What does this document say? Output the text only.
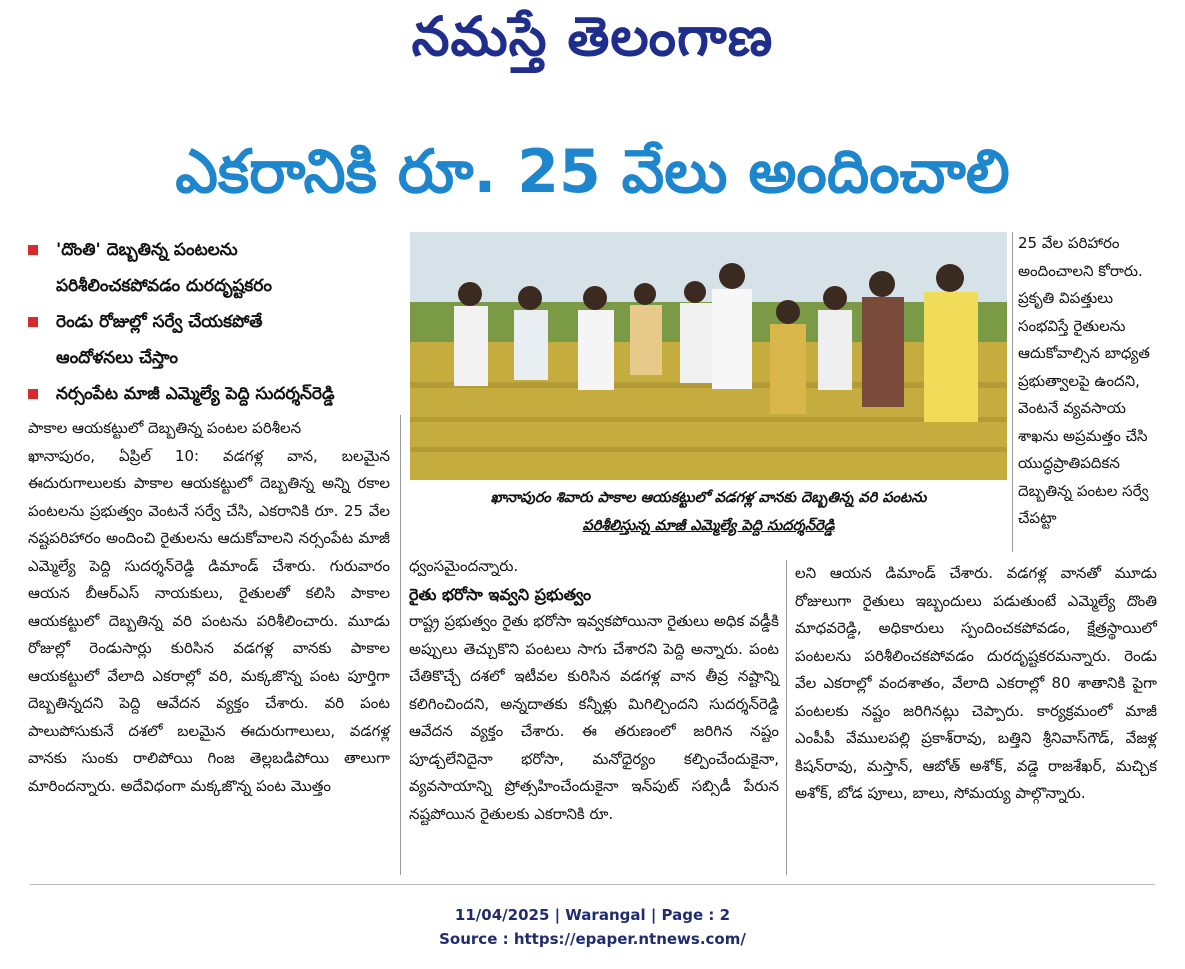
నమస్తే తెలంగాణ
ఎకరానికి రూ. 25 వేలు అందించాలి
'దొంతి' దెబ్బతిన్న పంటలను
పరిశీలించకపోవడం దురదృష్టకరం
రెండు రోజుల్లో సర్వే చేయకపోతే
ఆందోళనలు చేస్తాం
నర్సంపేట మాజీ ఎమ్మెల్యే పెద్ది సుదర్శన్‌రెడ్డి

పాకాల ఆయకట్టులో దెబ్బతిన్న పంటల పరిశీలన

ఖానాపురం, ఏప్రిల్ 10: వడగళ్ల వాన, బలమైన ఈదురుగాలులకు పాకాల ఆయకట్టులో దెబ్బతిన్న అన్ని రకాల పంటలను ప్రభుత్వం వెంటనే సర్వే చేసి, ఎకరానికి రూ. 25 వేల నష్టపరిహారం అందించి రైతులను ఆదుకోవాలని నర్సంపేట మాజీ ఎమ్మెల్యే పెద్ది సుదర్శన్‌రెడ్డి డిమాండ్ చేశారు. గురువారం ఆయన బీఆర్‌ఎస్ నాయకులు, రైతులతో కలిసి పాకాల ఆయకట్టులో దెబ్బతిన్న వరి పంటను పరిశీలించారు. మూడు రోజుల్లో రెండుసార్లు కురిసిన వడగళ్ల వానకు పాకాల ఆయకట్టులో వేలాది ఎకరాల్లో వరి, మక్కజొన్న పంట పూర్తిగా దెబ్బతిన్నదని పెద్ది ఆవేదన వ్యక్తం చేశారు. వరి పంట పాలుపోసుకునే దశలో బలమైన ఈదురుగాలులు, వడగళ్ల వానకు సుంకు రాలిపోయి గింజ తెల్లబడిపోయి తాలుగా మారిందన్నారు. అదేవిధంగా మక్కజొన్న పంట మొత్తం

ఖానాపురం శివారు పాకాల ఆయకట్టులో వడగళ్ల వానకు దెబ్బతిన్న వరి పంటను
పరిశీలిస్తున్న మాజీ ఎమ్మెల్యే పెద్ది సుదర్శన్‌రెడ్డి
25 వేల పరిహారం అందించాలని కోరారు. ప్రకృతి విపత్తులు సంభవిస్తే రైతులను ఆదుకోవాల్సిన బాధ్యత ప్రభుత్వాలపై ఉందని, వెంటనే వ్యవసాయ శాఖను అప్రమత్తం చేసి యుద్ధప్రాతిపదికన దెబ్బతిన్న పంటల సర్వే చేపట్టా

ధ్వంసమైందన్నారు.

రైతు భరోసా ఇవ్వని ప్రభుత్వం

రాష్ట్ర ప్రభుత్వం రైతు భరోసా ఇవ్వకపోయినా రైతులు అధిక వడ్డీకి అప్పులు తెచ్చుకొని పంటలు సాగు చేశారని పెద్ది అన్నారు. పంట చేతికొచ్చే దశలో ఇటీవల కురిసిన వడగళ్ల వాన తీవ్ర నష్టాన్ని కలిగించిందని, అన్నదాతకు కన్నీళ్లు మిగిల్చిందని సుదర్శన్‌రెడ్డి ఆవేదన వ్యక్తం చేశారు. ఈ తరుణంలో జరిగిన నష్టం పూడ్చలేనిదైనా భరోసా, మనోధైర్యం కల్పించేందుకైనా, వ్యవసాయాన్ని ప్రోత్సహించేందుకైనా ఇన్‌పుట్ సబ్సిడీ పేరున నష్టపోయిన రైతులకు ఎకరానికి రూ.

లని ఆయన డిమాండ్ చేశారు. వడగళ్ల వానతో మూడు రోజులుగా రైతులు ఇబ్బందులు పడుతుంటే ఎమ్మెల్యే దొంతి మాధవరెడ్డి, అధికారులు స్పందించకపోవడం, క్షేత్రస్థాయిలో పంటలను పరిశీలించకపోవడం దురదృష్టకరమన్నారు. రెండు వేల ఎకరాల్లో వందశాతం, వేలాది ఎకరాల్లో 80 శాతానికి పైగా పంటలకు నష్టం జరిగినట్లు చెప్పారు. కార్యక్రమంలో మాజీ ఎంపీపీ వేములపల్లి ప్రకాశ్‌రావు, బత్తిని శ్రీనివాస్‌గౌడ్, వేజళ్ల కిషన్‌రావు, మస్తాన్, ఆబోత్ అశోక్, వడ్డె రాజశేఖర్, మచ్చిక అశోక్, బోడ పూలు, బాలు, సోమయ్య పాల్గొన్నారు.

11/04/2025 | Warangal | Page : 2
Source : https://epaper.ntnews.com/
